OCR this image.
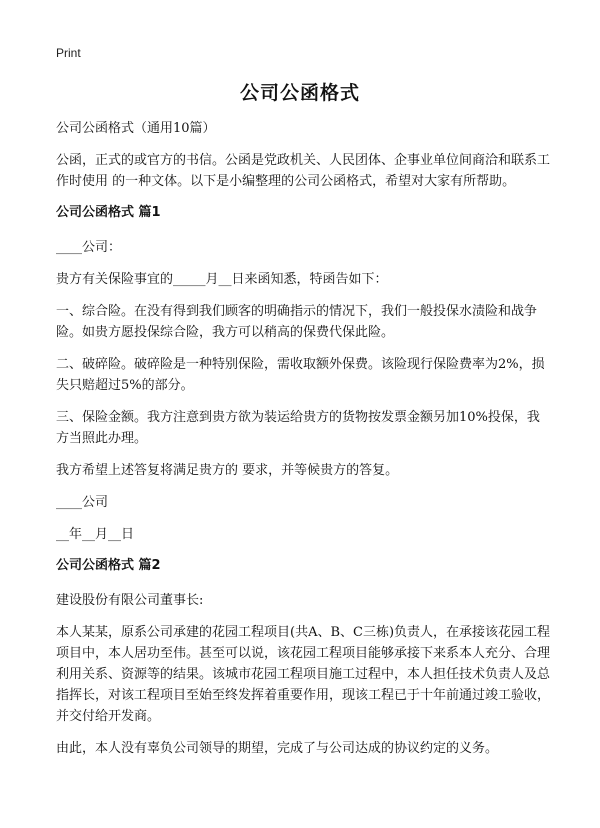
Print
公司公函格式

公司公函格式（通用10篇）

公函，正式的或官方的书信。公函是党政机关、人民团体、企事业单位间商洽和联系工作时使用 的一种文体。以下是小编整理的公司公函格式，希望对大家有所帮助。

公司公函格式 篇1

____公司：

贵方有关保险事宜的_____月__日来函知悉，特函告如下：

一、综合险。在没有得到我们顾客的明确指示的情况下，我们一般投保水渍险和战争险。如贵方愿投保综合险，我方可以稍高的保费代保此险。

二、破碎险。破碎险是一种特别保险，需收取额外保费。该险现行保险费率为2%，损失只赔超过5%的部分。

三、保险金额。我方注意到贵方欲为装运给贵方的货物按发票金额另加10%投保，我方当照此办理。

我方希望上述答复将满足贵方的 要求，并等候贵方的答复。

____公司

__年__月__日

公司公函格式 篇2

建设股份有限公司董事长:

本人某某，原系公司承建的花园工程项目(共A、B、C三栋)负责人，在承接该花园工程项目中，本人居功至伟。甚至可以说，该花园工程项目能够承接下来系本人充分、合理利用关系、资源等的结果。该城市花园工程项目施工过程中，本人担任技术负责人及总指挥长，对该工程项目至始至终发挥着重要作用，现该工程已于十年前通过竣工验收，并交付给开发商。

由此，本人没有辜负公司领导的期望，完成了与公司达成的协议约定的义务。
